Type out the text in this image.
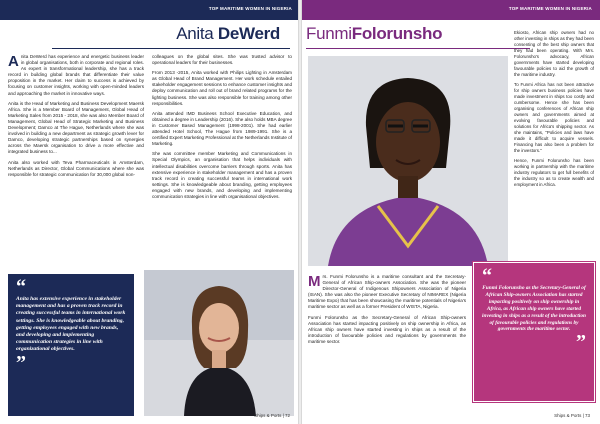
TOP MARITIME WOMEN IN NIGERIA
Anita DeWerd

Anita DeWerd has experience and energetic business leader in global organisations, both in corporate and regional roles. As expert in transformational leadership, she has a track record in building global brands that differentiate their value proposition in the market. Her claim to success is achieved by focusing on customer insights, working with open-minded leaders and approaching the market in innovative ways.

Anita is the Head of Marketing and Business Development Maersk Africa. She is a Member Board of Management, Global Head of Marketing Sales from 2015 - 2018, she was also Member Board of Management, Global Head of Strategic Marketing and Business Development; Damco at The Hague, Netherlands where she was involved in building a new department as strategic growth lever for Damco, developing strategic partnerships based on synergies across the Maersk organisation to drive a more effective and integrated business to...

Anita also worked with Teva Pharmaceuticals in Amsterdam, Netherlands as Director, Global Communications where she was responsible for strategic communication for 30,000 global non-

colleagues on the global sites. She was trusted advisor to operational leaders for their businesses.

From 2013 -2015, Anita worked with Philips Lighting in Amsterdam as Global Head of Brand Management. Her work schedule entailed stakeholder engagement sessions to enhance customer insights and deploy communication and roll out of brand related programs for the lighting business. She was also responsible for training among other responsibilities.

Anita attended IMD Business School Executive Education, and obtained a degree in Leadership (2016). She also holds MBA degree in Customer Based Management (1998-2001). She had earlier attended Hotel School, The Hague from 1989-1991. She is a certified Expert Marketing Professional at the Netherlands Institute of Marketing.

She was committee member Marketing and Communications in Special Olympics, an organisation that helps individuals with intellectual disabilities overcome barriers through sports. Anita has extensive experience in stakeholder management and has a proven track record in creating successful teams in international work settings. She is knowledgeable about branding, getting employees engaged with new brands, and developing and implementing communication strategies in line with organisational objectives.

“
Anita has extensive experience in stakeholder management and has a proven track record in creating successful teams in international work settings. She is knowledgeable about branding, getting employees engaged with new brands, and developing and implementing communication strategies in line with organizational objectives.
”
Ships & Ports | 72
TOP MARITIME WOMEN IN NIGERIA
FunmiFolorunsho	Ekiosto, African ship owners had no other investing in ships as they had been consenting of the best ship owners that they had been operating. With Mrs. Folorunsho's advocacy, African governments have started developing favourable policies to aid the growth of the maritime industry.

To Funmi Africa has not been attractive for ship owners business policies have made investment in ships too costly and cumbersome. Hence she has been organising conferences of African ship owners and governments aimed at evolving favourable policies and solutions for Africa's shipping sector. As she maintains, "Policies and laws have made it difficult to acquire vessels. Financing has also been a problem for the investors."

Hence, Funmi Folorunsho has been working in partnership with the maritime industry regulators to get full benefits of the industry so as to create wealth and employment in Africa.

Mrs. Funmi Folorunsho is a maritime consultant and the Secretary-General of African Ship-owners Association. She was the pioneer Director-General of Indigenous Shipowners Association of Nigeria (ISAN). She was also the pioneer Executive Secretary of NIMAREX (Nigeria Maritime Expo) that has been showcasing the maritime potentials of Nigeria's maritime sector as well as a former President of WISTA, Nigeria.

Funmi Folorunsho as the Secretary-General of African Ship-owners Association has started impacting positively on ship ownership in Africa, as African ship owners have started investing in ships as a result of the introduction of favourable policies and regulations by governments the maritime sector.

“
Funmi Folorunsho as the Secretary-General of African Ship-owners Association has started impacting positively on ship ownership in Africa, as African ship owners have started investing in ships as a result of the introduction of favourable policies and regulations by governments the maritime sector.
”
Ships & Ports | 73
